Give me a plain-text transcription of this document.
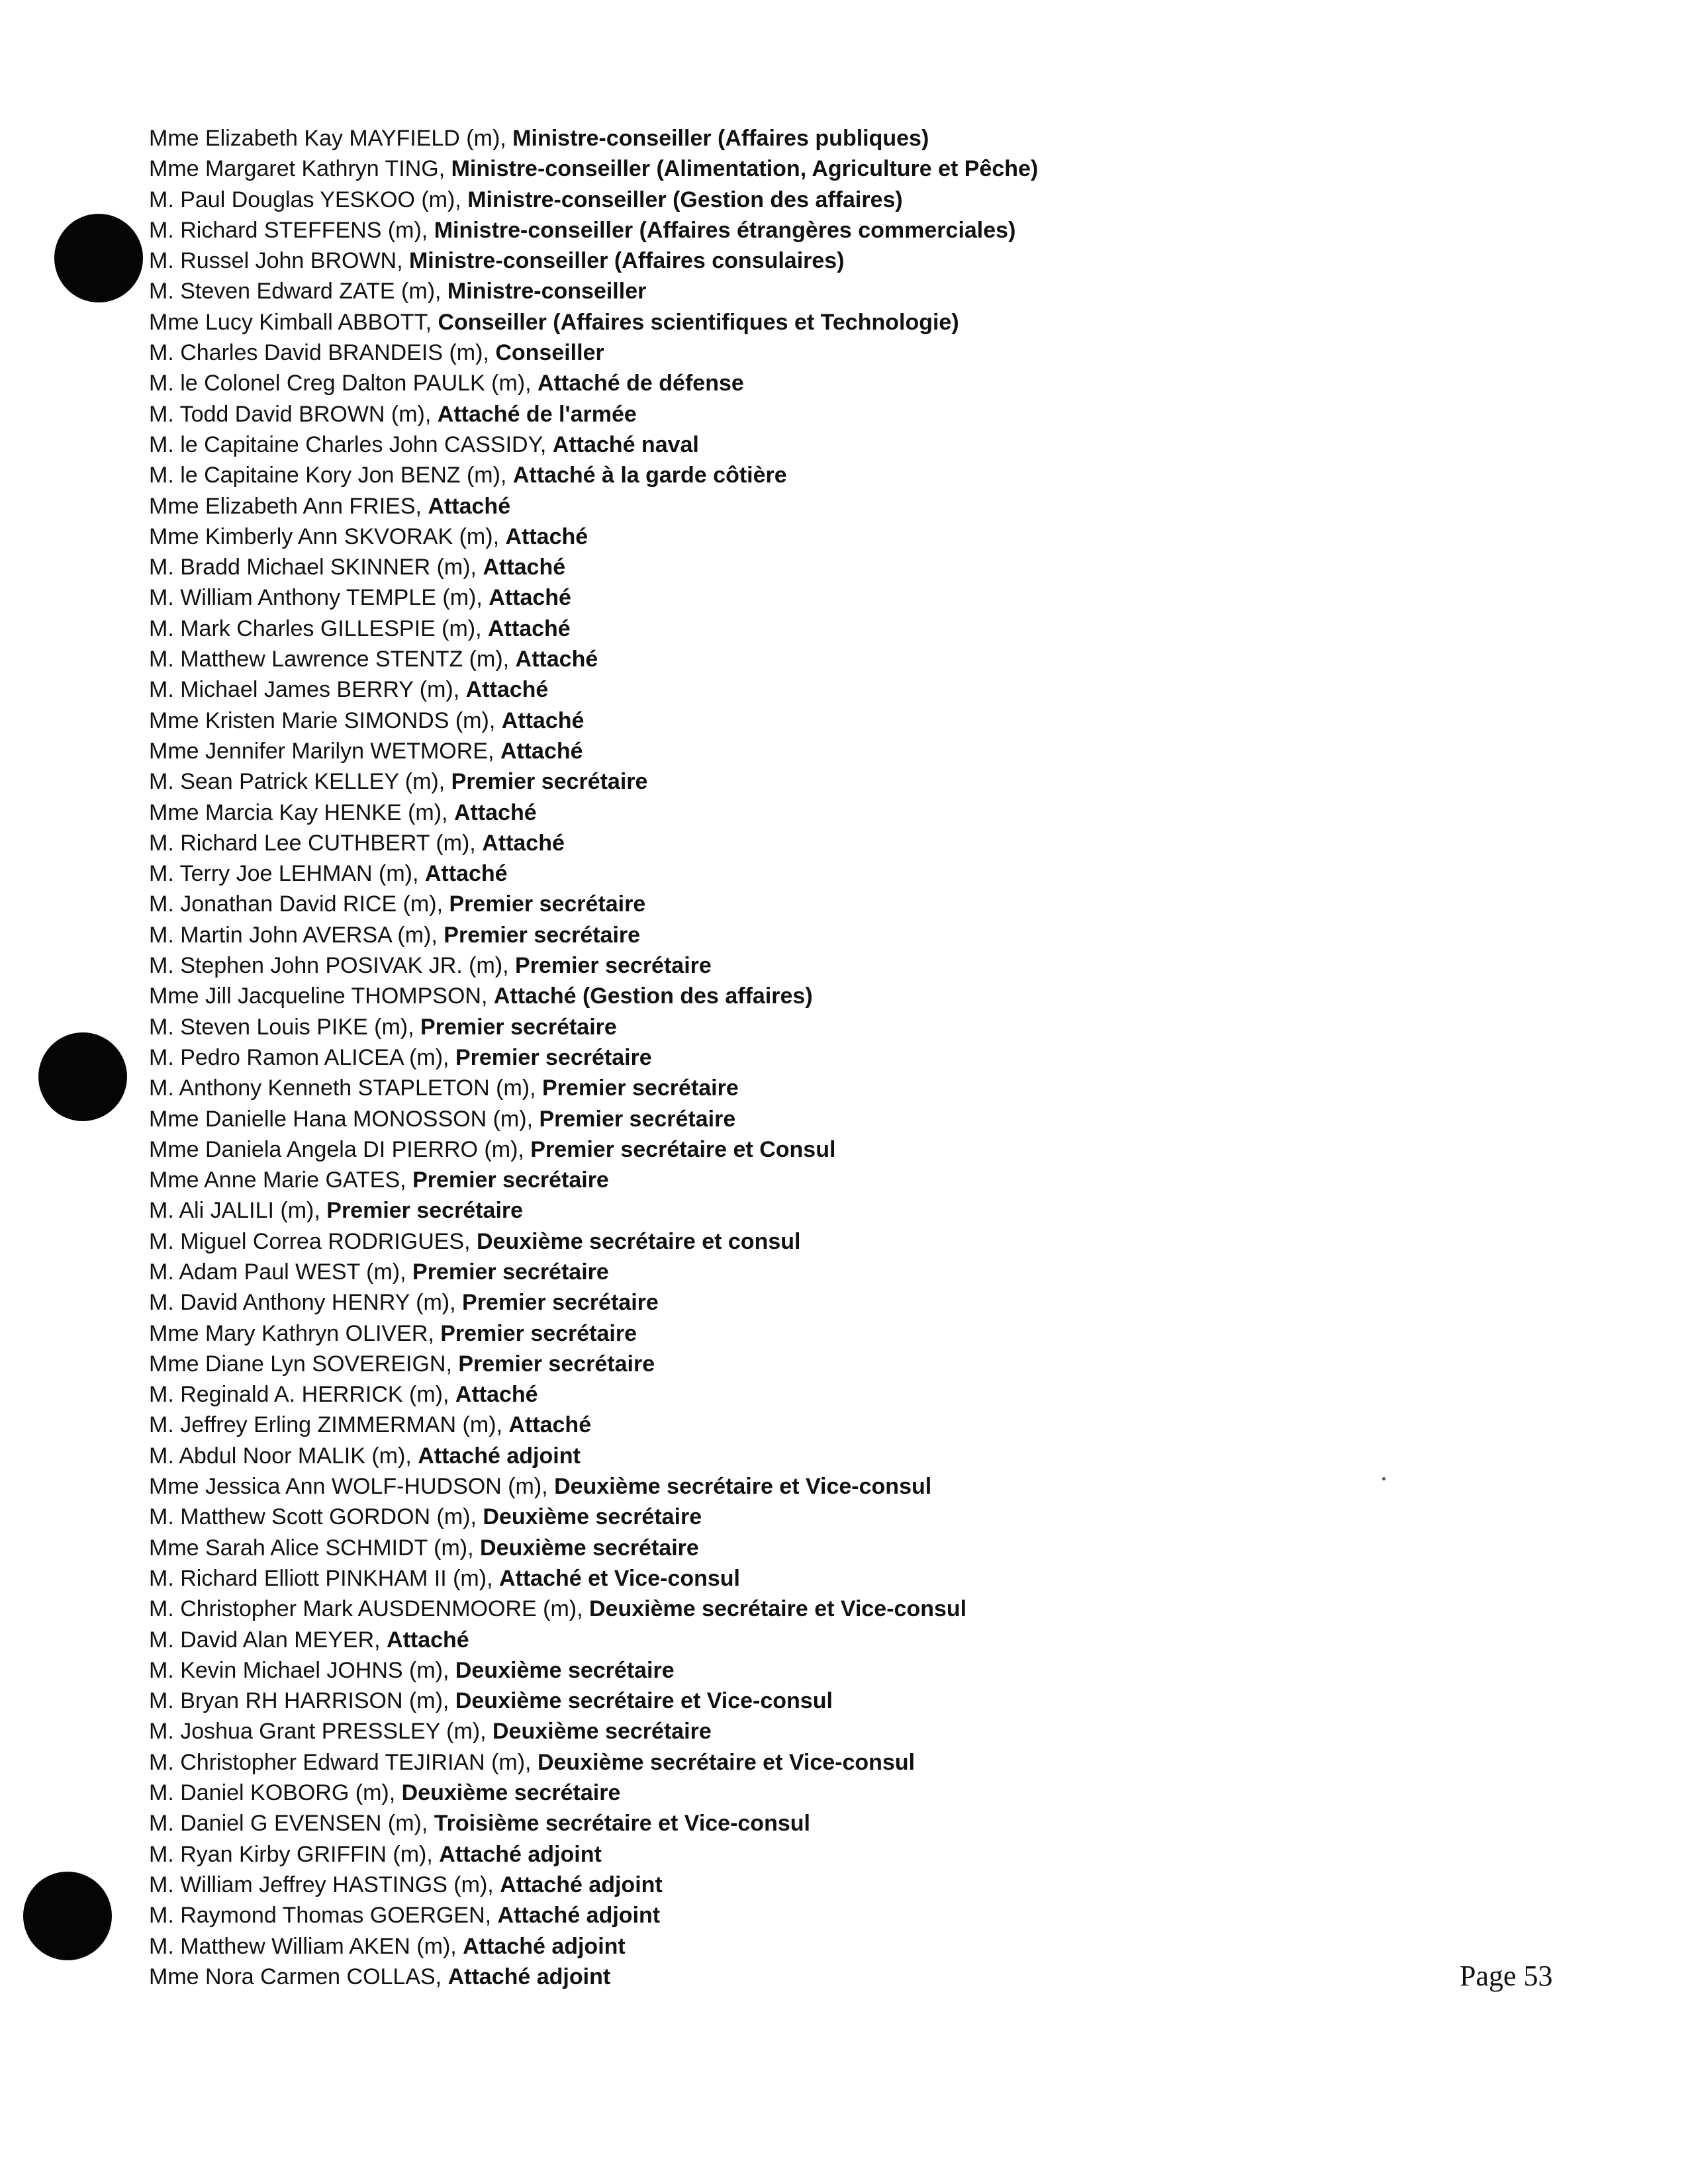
Mme Elizabeth Kay MAYFIELD (m), Ministre-conseiller (Affaires publiques)
Mme Margaret Kathryn TING, Ministre-conseiller (Alimentation, Agriculture et Pêche)
M. Paul Douglas YESKOO (m), Ministre-conseiller (Gestion des affaires)
M. Richard STEFFENS (m), Ministre-conseiller (Affaires étrangères commerciales)
M. Russel John BROWN, Ministre-conseiller (Affaires consulaires)
M. Steven Edward ZATE (m), Ministre-conseiller
Mme Lucy Kimball ABBOTT, Conseiller (Affaires scientifiques et Technologie)
M. Charles David BRANDEIS (m), Conseiller
M. le Colonel Creg Dalton PAULK (m), Attaché de défense
M. Todd David BROWN (m), Attaché de l'armée
M. le Capitaine Charles John CASSIDY, Attaché naval
M. le Capitaine Kory Jon BENZ (m), Attaché à la garde côtière
Mme Elizabeth Ann FRIES, Attaché
Mme Kimberly Ann SKVORAK (m), Attaché
M. Bradd Michael SKINNER (m), Attaché
M. William Anthony TEMPLE (m), Attaché
M. Mark Charles GILLESPIE (m), Attaché
M. Matthew Lawrence STENTZ (m), Attaché
M. Michael James BERRY (m), Attaché
Mme Kristen Marie SIMONDS (m), Attaché
Mme Jennifer Marilyn WETMORE, Attaché
M. Sean Patrick KELLEY (m), Premier secrétaire
Mme Marcia Kay HENKE (m), Attaché
M. Richard Lee CUTHBERT (m), Attaché
M. Terry Joe LEHMAN (m), Attaché
M. Jonathan David RICE (m), Premier secrétaire
M. Martin John AVERSA (m), Premier secrétaire
M. Stephen John POSIVAK JR. (m), Premier secrétaire
Mme Jill Jacqueline THOMPSON, Attaché (Gestion des affaires)
M. Steven Louis PIKE (m), Premier secrétaire
M. Pedro Ramon ALICEA (m), Premier secrétaire
M. Anthony Kenneth STAPLETON (m), Premier secrétaire
Mme Danielle Hana MONOSSON (m), Premier secrétaire
Mme Daniela Angela DI PIERRO (m), Premier secrétaire et Consul
Mme Anne Marie GATES, Premier secrétaire
M. Ali JALILI (m), Premier secrétaire
M. Miguel Correa RODRIGUES, Deuxième secrétaire et consul
M. Adam Paul WEST (m), Premier secrétaire
M. David Anthony HENRY (m), Premier secrétaire
Mme Mary Kathryn OLIVER, Premier secrétaire
Mme Diane Lyn SOVEREIGN, Premier secrétaire
M. Reginald A. HERRICK (m), Attaché
M. Jeffrey Erling ZIMMERMAN (m), Attaché
M. Abdul Noor MALIK (m), Attaché adjoint
Mme Jessica Ann WOLF-HUDSON (m), Deuxième secrétaire et Vice-consul
M. Matthew Scott GORDON (m), Deuxième secrétaire
Mme Sarah Alice SCHMIDT (m), Deuxième secrétaire
M. Richard Elliott PINKHAM II (m), Attaché et Vice-consul
M. Christopher Mark AUSDENMOORE (m), Deuxième secrétaire et Vice-consul
M. David Alan MEYER, Attaché
M. Kevin Michael JOHNS (m), Deuxième secrétaire
M. Bryan RH HARRISON (m), Deuxième secrétaire et Vice-consul
M. Joshua Grant PRESSLEY (m), Deuxième secrétaire
M. Christopher Edward TEJIRIAN (m), Deuxième secrétaire et Vice-consul
M. Daniel KOBORG (m), Deuxième secrétaire
M. Daniel G EVENSEN (m), Troisième secrétaire et Vice-consul
M. Ryan Kirby GRIFFIN (m), Attaché adjoint
M. William Jeffrey HASTINGS (m), Attaché adjoint
M. Raymond Thomas GOERGEN, Attaché adjoint
M. Matthew William AKEN (m), Attaché adjoint
Mme Nora Carmen COLLAS, Attaché adjoint	Page 53
